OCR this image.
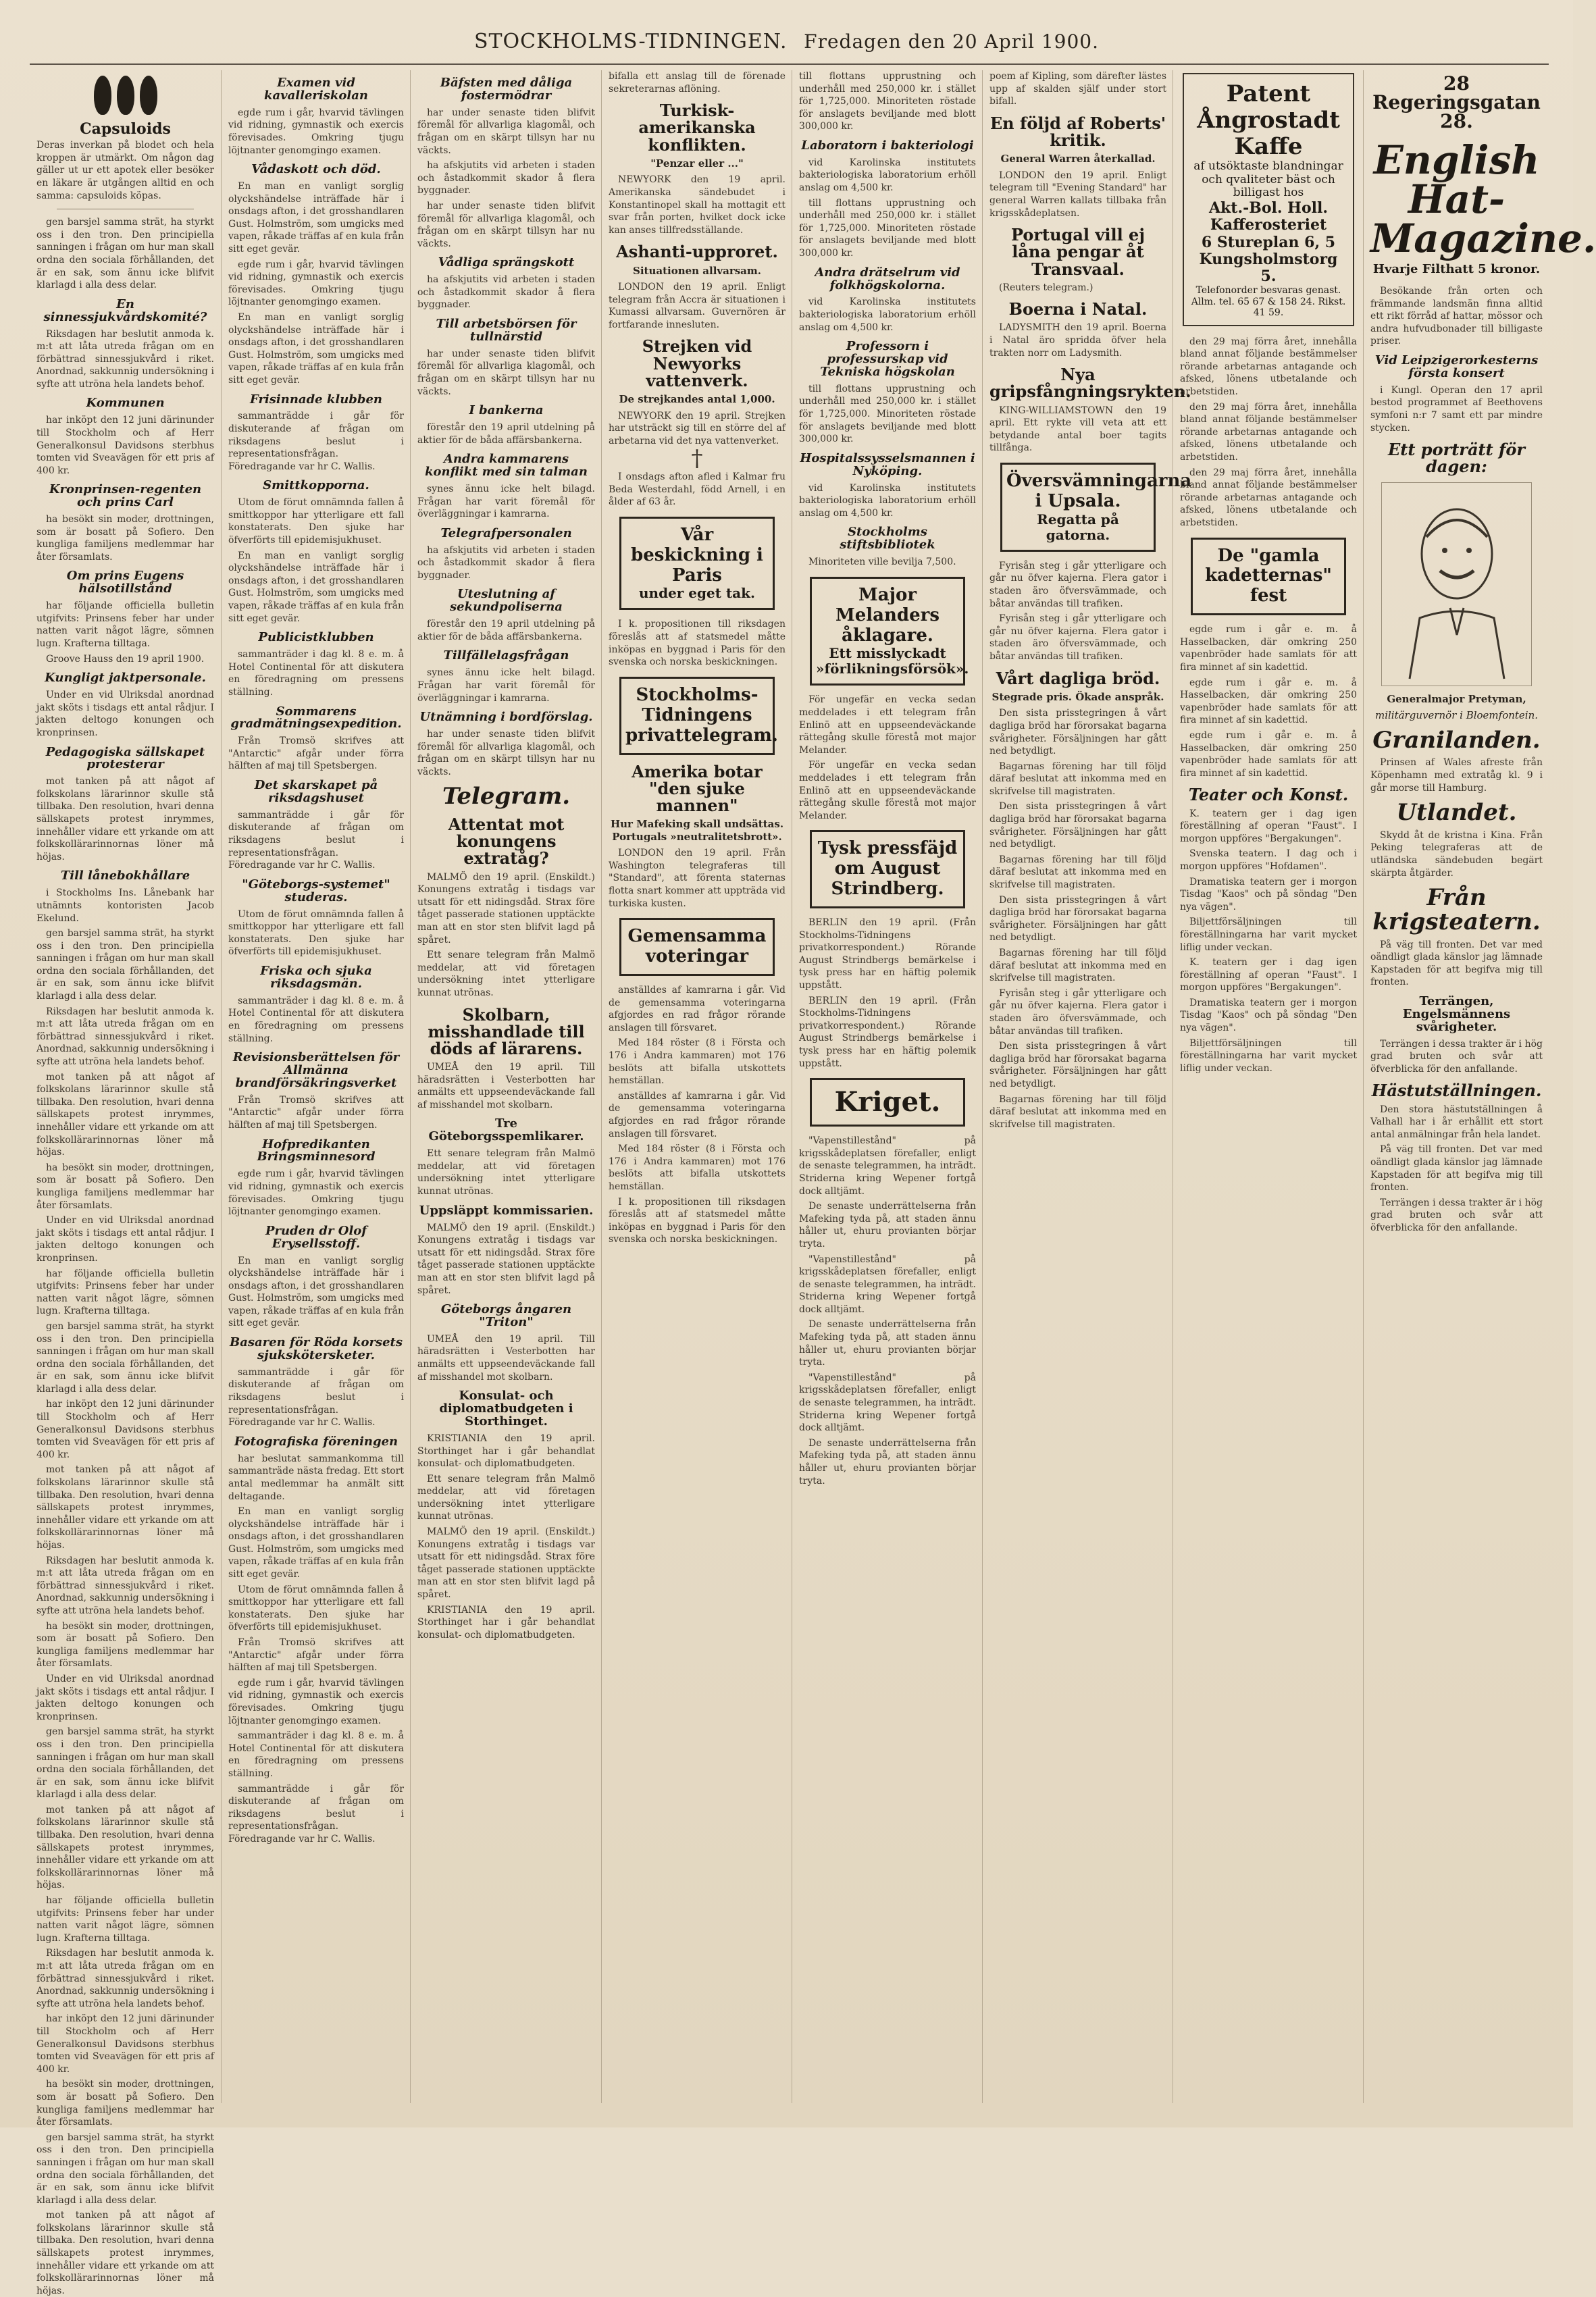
STOCKHOLMS-TIDNINGEN. Fredagen den 20 April 1900.
Capsuloids

Deras inverkan på blodet och hela kroppen är utmärkt. Om någon dag gäller ut ur ett apotek eller besöker en läkare är utgången alltid en och samma: capsuloids köpas.

gen barsjel samma strät, ha styrkt oss i den tron. Den principiella sanningen i frågan om hur man skall ordna den sociala förhållanden, det är en sak, som ännu icke blifvit klarlagd i alla dess delar.

En sinnessjukvårdskomité?

Riksdagen har beslutit anmoda k. m:t att låta utreda frågan om en förbättrad sinnessjukvård i riket. Anordnad, sakkunnig undersökning i syfte att utröna hela landets behof.

Kommunen

har inköpt den 12 juni därinunder till Stockholm och af Herr Generalkonsul Davidsons sterbhus tomten vid Sveavägen för ett pris af 400 kr.

Kronprinsen-regenten och prins Carl

ha besökt sin moder, drottningen, som är bosatt på Sofiero. Den kungliga familjens medlemmar har åter församlats.

Om prins Eugens hälsotillstånd

har följande officiella bulletin utgifvits: Prinsens feber har under natten varit något lägre, sömnen lugn. Krafterna tilltaga.

Groove Hauss den 19 april 1900.

Kungligt jaktpersonale.

Under en vid Ulriksdal anordnad jakt sköts i tisdags ett antal rådjur. I jakten deltogo konungen och kronprinsen.

Pedagogiska sällskapet protesterar

mot tanken på att något af folkskolans lärarinnor skulle stå tillbaka. Den resolution, hvari denna sällskapets protest inrymmes, innehåller vidare ett yrkande om att folkskollärarinnornas löner må höjas.

Till lånebokhållare

i Stockholms Ins. Lånebank har utnämnts kontoristen Jacob Ekelund.

gen barsjel samma strät, ha styrkt oss i den tron. Den principiella sanningen i frågan om hur man skall ordna den sociala förhållanden, det är en sak, som ännu icke blifvit klarlagd i alla dess delar.

Riksdagen har beslutit anmoda k. m:t att låta utreda frågan om en förbättrad sinnessjukvård i riket. Anordnad, sakkunnig undersökning i syfte att utröna hela landets behof.

mot tanken på att något af folkskolans lärarinnor skulle stå tillbaka. Den resolution, hvari denna sällskapets protest inrymmes, innehåller vidare ett yrkande om att folkskollärarinnornas löner må höjas.

ha besökt sin moder, drottningen, som är bosatt på Sofiero. Den kungliga familjens medlemmar har åter församlats.

Under en vid Ulriksdal anordnad jakt sköts i tisdags ett antal rådjur. I jakten deltogo konungen och kronprinsen.

har följande officiella bulletin utgifvits: Prinsens feber har under natten varit något lägre, sömnen lugn. Krafterna tilltaga.

gen barsjel samma strät, ha styrkt oss i den tron. Den principiella sanningen i frågan om hur man skall ordna den sociala förhållanden, det är en sak, som ännu icke blifvit klarlagd i alla dess delar.

har inköpt den 12 juni därinunder till Stockholm och af Herr Generalkonsul Davidsons sterbhus tomten vid Sveavägen för ett pris af 400 kr.

mot tanken på att något af folkskolans lärarinnor skulle stå tillbaka. Den resolution, hvari denna sällskapets protest inrymmes, innehåller vidare ett yrkande om att folkskollärarinnornas löner må höjas.

Riksdagen har beslutit anmoda k. m:t att låta utreda frågan om en förbättrad sinnessjukvård i riket. Anordnad, sakkunnig undersökning i syfte att utröna hela landets behof.

ha besökt sin moder, drottningen, som är bosatt på Sofiero. Den kungliga familjens medlemmar har åter församlats.

Under en vid Ulriksdal anordnad jakt sköts i tisdags ett antal rådjur. I jakten deltogo konungen och kronprinsen.

gen barsjel samma strät, ha styrkt oss i den tron. Den principiella sanningen i frågan om hur man skall ordna den sociala förhållanden, det är en sak, som ännu icke blifvit klarlagd i alla dess delar.

mot tanken på att något af folkskolans lärarinnor skulle stå tillbaka. Den resolution, hvari denna sällskapets protest inrymmes, innehåller vidare ett yrkande om att folkskollärarinnornas löner må höjas.

har följande officiella bulletin utgifvits: Prinsens feber har under natten varit något lägre, sömnen lugn. Krafterna tilltaga.

Riksdagen har beslutit anmoda k. m:t att låta utreda frågan om en förbättrad sinnessjukvård i riket. Anordnad, sakkunnig undersökning i syfte att utröna hela landets behof.

har inköpt den 12 juni därinunder till Stockholm och af Herr Generalkonsul Davidsons sterbhus tomten vid Sveavägen för ett pris af 400 kr.

ha besökt sin moder, drottningen, som är bosatt på Sofiero. Den kungliga familjens medlemmar har åter församlats.

gen barsjel samma strät, ha styrkt oss i den tron. Den principiella sanningen i frågan om hur man skall ordna den sociala förhållanden, det är en sak, som ännu icke blifvit klarlagd i alla dess delar.

mot tanken på att något af folkskolans lärarinnor skulle stå tillbaka. Den resolution, hvari denna sällskapets protest inrymmes, innehåller vidare ett yrkande om att folkskollärarinnornas löner må höjas.

Examen vid kavalleriskolan

egde rum i går, hvarvid tävlingen vid ridning, gymnastik och exercis förevisades. Omkring tjugu löjtnanter genomgingo examen.

Vådaskott och död.

En man en vanligt sorglig olyckshändelse inträffade här i onsdags afton, i det grosshandlaren Gust. Holmström, som umgicks med vapen, råkade träffas af en kula från sitt eget gevär.

egde rum i går, hvarvid tävlingen vid ridning, gymnastik och exercis förevisades. Omkring tjugu löjtnanter genomgingo examen.

En man en vanligt sorglig olyckshändelse inträffade här i onsdags afton, i det grosshandlaren Gust. Holmström, som umgicks med vapen, råkade träffas af en kula från sitt eget gevär.

Frisinnade klubben

sammanträdde i går för diskuterande af frågan om riksdagens beslut i representationsfrågan. Föredragande var hr C. Wallis.

Smittkopporna.

Utom de förut omnämnda fallen å smittkoppor har ytterligare ett fall konstaterats. Den sjuke har öfverförts till epidemisjukhuset.

En man en vanligt sorglig olyckshändelse inträffade här i onsdags afton, i det grosshandlaren Gust. Holmström, som umgicks med vapen, råkade träffas af en kula från sitt eget gevär.

Publicistklubben

sammanträder i dag kl. 8 e. m. å Hotel Continental för att diskutera en föredragning om pressens ställning.

Sommarens gradmätningsexpedition.

Från Tromsö skrifves att "Antarctic" afgår under förra hälften af maj till Spetsbergen.

Det skarskapet på riksdagshuset

sammanträdde i går för diskuterande af frågan om riksdagens beslut i representationsfrågan. Föredragande var hr C. Wallis.

"Göteborgs-systemet" studeras.

Utom de förut omnämnda fallen å smittkoppor har ytterligare ett fall konstaterats. Den sjuke har öfverförts till epidemisjukhuset.

Friska och sjuka riksdagsmän.

sammanträder i dag kl. 8 e. m. å Hotel Continental för att diskutera en föredragning om pressens ställning.

Revisionsberättelsen för Allmänna brandförsäkringsverket

Från Tromsö skrifves att "Antarctic" afgår under förra hälften af maj till Spetsbergen.

Hofpredikanten Bringsminnesord

egde rum i går, hvarvid tävlingen vid ridning, gymnastik och exercis förevisades. Omkring tjugu löjtnanter genomgingo examen.

Pruden dr Olof Erysellsstoff.

En man en vanligt sorglig olyckshändelse inträffade här i onsdags afton, i det grosshandlaren Gust. Holmström, som umgicks med vapen, råkade träffas af en kula från sitt eget gevär.

Basaren för Röda korsets sjukskötersketer.

sammanträdde i går för diskuterande af frågan om riksdagens beslut i representationsfrågan. Föredragande var hr C. Wallis.

Fotografiska föreningen

har beslutat sammankomma till sammanträde nästa fredag. Ett stort antal medlemmar ha anmält sitt deltagande.

En man en vanligt sorglig olyckshändelse inträffade här i onsdags afton, i det grosshandlaren Gust. Holmström, som umgicks med vapen, råkade träffas af en kula från sitt eget gevär.

Utom de förut omnämnda fallen å smittkoppor har ytterligare ett fall konstaterats. Den sjuke har öfverförts till epidemisjukhuset.

Från Tromsö skrifves att "Antarctic" afgår under förra hälften af maj till Spetsbergen.

egde rum i går, hvarvid tävlingen vid ridning, gymnastik och exercis förevisades. Omkring tjugu löjtnanter genomgingo examen.

sammanträder i dag kl. 8 e. m. å Hotel Continental för att diskutera en föredragning om pressens ställning.

sammanträdde i går för diskuterande af frågan om riksdagens beslut i representationsfrågan. Föredragande var hr C. Wallis.

Bäfsten med dåliga fostermödrar

har under senaste tiden blifvit föremål för allvarliga klagomål, och frågan om en skärpt tillsyn har nu väckts.

ha afskjutits vid arbeten i staden och åstadkommit skador å flera byggnader.

har under senaste tiden blifvit föremål för allvarliga klagomål, och frågan om en skärpt tillsyn har nu väckts.

Vådliga sprängskott

ha afskjutits vid arbeten i staden och åstadkommit skador å flera byggnader.

Till arbetsbörsen för tullnärstid

har under senaste tiden blifvit föremål för allvarliga klagomål, och frågan om en skärpt tillsyn har nu väckts.

I bankerna

förestår den 19 april utdelning på aktier för de båda affärsbankerna.

Andra kammarens konflikt med sin talman

synes ännu icke helt bilagd. Frågan har varit föremål för överläggningar i kamrarna.

Telegrafpersonalen

ha afskjutits vid arbeten i staden och åstadkommit skador å flera byggnader.

Uteslutning af sekundpoliserna

förestår den 19 april utdelning på aktier för de båda affärsbankerna.

Tillfällelagsfrågan

synes ännu icke helt bilagd. Frågan har varit föremål för överläggningar i kamrarna.

Utnämning i bordförslag.

har under senaste tiden blifvit föremål för allvarliga klagomål, och frågan om en skärpt tillsyn har nu väckts.

Telegram.
Attentat mot konungens extratåg?

MALMÖ den 19 april. (Enskildt.) Konungens extratåg i tisdags var utsatt för ett nidingsdåd. Strax före tåget passerade stationen upptäckte man att en stor sten blifvit lagd på spåret.

Ett senare telegram från Malmö meddelar, att vid företagen undersökning intet ytterligare kunnat utrönas.

Skolbarn, misshandlade till döds af lärarens.

UMEÅ den 19 april. Till häradsrätten i Vesterbotten har anmälts ett uppseendeväckande fall af misshandel mot skolbarn.

Tre Göteborgsspemlikarer.

Ett senare telegram från Malmö meddelar, att vid företagen undersökning intet ytterligare kunnat utrönas.

Uppsläppt kommissarien.

MALMÖ den 19 april. (Enskildt.) Konungens extratåg i tisdags var utsatt för ett nidingsdåd. Strax före tåget passerade stationen upptäckte man att en stor sten blifvit lagd på spåret.

Göteborgs ångaren "Triton"

UMEÅ den 19 april. Till häradsrätten i Vesterbotten har anmälts ett uppseendeväckande fall af misshandel mot skolbarn.

Konsulat- och diplomatbudgeten i Storthinget.

KRISTIANIA den 19 april. Storthinget har i går behandlat konsulat- och diplomatbudgeten.

Ett senare telegram från Malmö meddelar, att vid företagen undersökning intet ytterligare kunnat utrönas.

MALMÖ den 19 april. (Enskildt.) Konungens extratåg i tisdags var utsatt för ett nidingsdåd. Strax före tåget passerade stationen upptäckte man att en stor sten blifvit lagd på spåret.

KRISTIANIA den 19 april. Storthinget har i går behandlat konsulat- och diplomatbudgeten.

bifalla ett anslag till de förenade sekreterarnas aflöning.

Turkisk-amerikanska konflikten.
"Penzar eller ..."

NEWYORK den 19 april. Amerikanska sändebudet i Konstantinopel skall ha mottagit ett svar från porten, hvilket dock icke kan anses tillfredsställande.

Ashanti-upproret.
Situationen allvarsam.

LONDON den 19 april. Enligt telegram från Accra är situationen i Kumassi allvarsam. Guvernören är fortfarande innesluten.

Strejken vid Newyorks vattenverk.
De strejkandes antal 1,000.

NEWYORK den 19 april. Strejken har utsträckt sig till en större del af arbetarna vid det nya vattenverket.

†

I onsdags afton afled i Kalmar fru Beda Westerdahl, född Arnell, i en ålder af 63 år.

Vår beskickning i Paris
under eget tak.

I k. propositionen till riksdagen föreslås att af statsmedel måtte inköpas en byggnad i Paris för den svenska och norska beskickningen.

Stockholms-Tidningens
privattelegram.
Amerika botar "den sjuke mannen"
Hur Mafeking skall undsättas. Portugals »neutralitetsbrott».

LONDON den 19 april. Från Washington telegraferas till "Standard", att förenta staternas flotta snart kommer att uppträda vid turkiska kusten.

Gemensamma voteringar

anställdes af kamrarna i går. Vid de gemensamma voteringarna afgjordes en rad frågor rörande anslagen till försvaret.

Med 184 röster (8 i Första och 176 i Andra kammaren) mot 176 beslöts att bifalla utskottets hemställan.

anställdes af kamrarna i går. Vid de gemensamma voteringarna afgjordes en rad frågor rörande anslagen till försvaret.

Med 184 röster (8 i Första och 176 i Andra kammaren) mot 176 beslöts att bifalla utskottets hemställan.

I k. propositionen till riksdagen föreslås att af statsmedel måtte inköpas en byggnad i Paris för den svenska och norska beskickningen.

till flottans upprustning och underhåll med 250,000 kr. i stället för 1,725,000. Minoriteten röstade för anslagets beviljande med blott 300,000 kr.

Laboratorn i bakteriologi

vid Karolinska institutets bakteriologiska laboratorium erhöll anslag om 4,500 kr.

till flottans upprustning och underhåll med 250,000 kr. i stället för 1,725,000. Minoriteten röstade för anslagets beviljande med blott 300,000 kr.

Andra drätselrum vid folkhögskolorna.

vid Karolinska institutets bakteriologiska laboratorium erhöll anslag om 4,500 kr.

Professorn i professurskap vid Tekniska högskolan

till flottans upprustning och underhåll med 250,000 kr. i stället för 1,725,000. Minoriteten röstade för anslagets beviljande med blott 300,000 kr.

Hospitalssysselsmannen i Nyköping.

vid Karolinska institutets bakteriologiska laboratorium erhöll anslag om 4,500 kr.

Stockholms stiftsbibliotek

Minoriteten ville bevilja 7,500.

Major Melanders åklagare.
Ett misslyckadt »förlikningsförsök».

För ungefär en vecka sedan meddelades i ett telegram från Enlinö att en uppseendeväckande rättegång skulle förestå mot major Melander.

För ungefär en vecka sedan meddelades i ett telegram från Enlinö att en uppseendeväckande rättegång skulle förestå mot major Melander.

Tysk pressfäjd om August Strindberg.

BERLIN den 19 april. (Från Stockholms-Tidningens privatkorrespondent.) Rörande August Strindbergs bemärkelse i tysk press har en häftig polemik uppstått.

BERLIN den 19 april. (Från Stockholms-Tidningens privatkorrespondent.) Rörande August Strindbergs bemärkelse i tysk press har en häftig polemik uppstått.

Kriget.

"Vapenstillestånd" på krigsskådeplatsen förefaller, enligt de senaste telegrammen, ha inträdt. Striderna kring Wepener fortgå dock alltjämt.

De senaste underrättelserna från Mafeking tyda på, att staden ännu håller ut, ehuru provianten börjar tryta.

"Vapenstillestånd" på krigsskådeplatsen förefaller, enligt de senaste telegrammen, ha inträdt. Striderna kring Wepener fortgå dock alltjämt.

De senaste underrättelserna från Mafeking tyda på, att staden ännu håller ut, ehuru provianten börjar tryta.

"Vapenstillestånd" på krigsskådeplatsen förefaller, enligt de senaste telegrammen, ha inträdt. Striderna kring Wepener fortgå dock alltjämt.

De senaste underrättelserna från Mafeking tyda på, att staden ännu håller ut, ehuru provianten börjar tryta.

poem af Kipling, som därefter lästes upp af skalden själf under stort bifall.

En följd af Roberts' kritik.
General Warren återkallad.

LONDON den 19 april. Enligt telegram till "Evening Standard" har general Warren kallats tillbaka från krigsskådeplatsen.

Portugal vill ej låna pengar åt Transvaal.

(Reuters telegram.)

Boerna i Natal.

LADYSMITH den 19 april. Boerna i Natal äro spridda öfver hela trakten norr om Ladysmith.

Nya gripsfångningsrykten.

KING-WILLIAMSTOWN den 19 april. Ett rykte vill veta att ett betydande antal boer tagits tillfånga.

Översvämningarna i Upsala.
Regatta på gatorna.

Fyrisån steg i går ytterligare och går nu öfver kajerna. Flera gator i staden äro öfversvämmade, och båtar användas till trafiken.

Fyrisån steg i går ytterligare och går nu öfver kajerna. Flera gator i staden äro öfversvämmade, och båtar användas till trafiken.

Vårt dagliga bröd.
Stegrade pris. Ökade anspråk.

Den sista prisstegringen å vårt dagliga bröd har förorsakat bagarna svårigheter. Försäljningen har gått ned betydligt.

Bagarnas förening har till följd däraf beslutat att inkomma med en skrifvelse till magistraten.

Den sista prisstegringen å vårt dagliga bröd har förorsakat bagarna svårigheter. Försäljningen har gått ned betydligt.

Bagarnas förening har till följd däraf beslutat att inkomma med en skrifvelse till magistraten.

Den sista prisstegringen å vårt dagliga bröd har förorsakat bagarna svårigheter. Försäljningen har gått ned betydligt.

Bagarnas förening har till följd däraf beslutat att inkomma med en skrifvelse till magistraten.

Fyrisån steg i går ytterligare och går nu öfver kajerna. Flera gator i staden äro öfversvämmade, och båtar användas till trafiken.

Den sista prisstegringen å vårt dagliga bröd har förorsakat bagarna svårigheter. Försäljningen har gått ned betydligt.

Bagarnas förening har till följd däraf beslutat att inkomma med en skrifvelse till magistraten.

Patent Ångrostadt Kaffe
af utsöktaste blandningar och qvaliteter bäst och billigast hos
Akt.-Bol. Holl. Kafferosteriet
6 Stureplan 6, 5 Kungsholmstorg 5.
Telefonorder besvaras genast. Allm. tel. 65 67 & 158 24. Rikst. 41 59.

den 29 maj förra året, innehålla bland annat följande bestämmelser rörande arbetarnas antagande och afsked, lönens utbetalande och arbetstiden.

den 29 maj förra året, innehålla bland annat följande bestämmelser rörande arbetarnas antagande och afsked, lönens utbetalande och arbetstiden.

den 29 maj förra året, innehålla bland annat följande bestämmelser rörande arbetarnas antagande och afsked, lönens utbetalande och arbetstiden.

De "gamla kadetternas" fest

egde rum i går e. m. å Hasselbacken, där omkring 250 vapenbröder hade samlats för att fira minnet af sin kadettid.

egde rum i går e. m. å Hasselbacken, där omkring 250 vapenbröder hade samlats för att fira minnet af sin kadettid.

egde rum i går e. m. å Hasselbacken, där omkring 250 vapenbröder hade samlats för att fira minnet af sin kadettid.

Teater och Konst.

K. teatern ger i dag igen föreställning af operan "Faust". I morgon uppföres "Bergakungen".

Svenska teatern. I dag och i morgon uppföres "Hofdamen".

Dramatiska teatern ger i morgon Tisdag "Kaos" och på söndag "Den nya vägen".

Biljettförsäljningen till föreställningarna har varit mycket liflig under veckan.

K. teatern ger i dag igen föreställning af operan "Faust". I morgon uppföres "Bergakungen".

Dramatiska teatern ger i morgon Tisdag "Kaos" och på söndag "Den nya vägen".

Biljettförsäljningen till föreställningarna har varit mycket liflig under veckan.

28 Regeringsgatan 28.
English Hat-Magazine.
Hvarje Filthatt 5 kronor.

Besökande från orten och främmande landsmän finna alltid ett rikt förråd af hattar, mössor och andra hufvudbonader till billigaste priser.

Vid Leipzigerorkesterns första konsert

i Kungl. Operan den 17 april bestod programmet af Beethovens symfoni n:r 7 samt ett par mindre stycken.

Ett porträtt för dagen:
Generalmajor Pretyman,
militärguvernör i Bloemfontein.
Granilanden.

Prinsen af Wales afreste från Köpenhamn med extratåg kl. 9 i går morse till Hamburg.

Utlandet.

Skydd åt de kristna i Kina. Från Peking telegraferas att de utländska sändebuden begärt skärpta åtgärder.

Från krigsteatern.

På väg till fronten. Det var med oändligt glada känslor jag lämnade Kapstaden för att begifva mig till fronten.

Terrängen, Engelsmännens svårigheter.

Terrängen i dessa trakter är i hög grad bruten och svår att öfverblicka för den anfallande.

Hästutställningen.

Den stora hästutställningen å Valhall har i år erhållit ett stort antal anmälningar från hela landet.

På väg till fronten. Det var med oändligt glada känslor jag lämnade Kapstaden för att begifva mig till fronten.

Terrängen i dessa trakter är i hög grad bruten och svår att öfverblicka för den anfallande.
